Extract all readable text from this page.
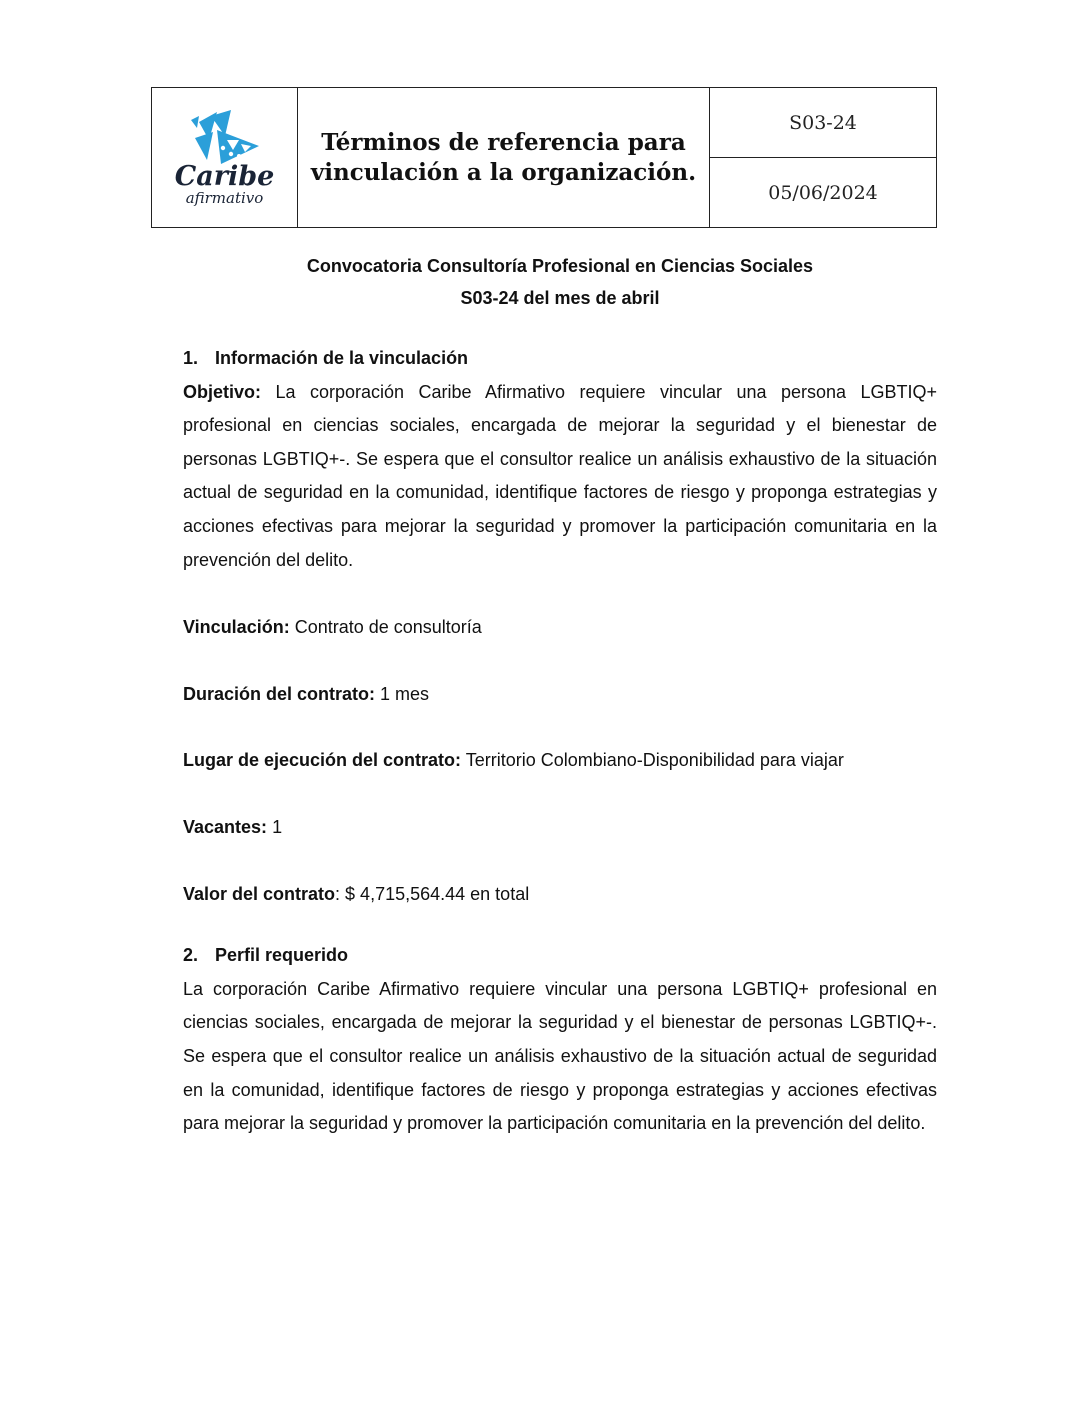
Caribe
afirmativo
Términos de referencia para vinculación a la organización.
S03-24
05/06/2024
Convocatoria Consultoría Profesional en Ciencias Sociales
S03-24 del mes de abril
1. Información de la vinculación
Objetivo: La corporación Caribe Afirmativo requiere vincular una persona LGBTIQ+ profesional en ciencias sociales, encargada de mejorar la seguridad y el bienestar de personas LGBTIQ+-. Se espera que el consultor realice un análisis exhaustivo de la situación actual de seguridad en la comunidad, identifique factores de riesgo y proponga estrategias y acciones efectivas para mejorar la seguridad y promover la participación comunitaria en la prevención del delito.
Vinculación: Contrato de consultoría
Duración del contrato: 1 mes
Lugar de ejecución del contrato: Territorio Colombiano-Disponibilidad para viajar
Vacantes: 1
Valor del contrato: $ 4,715,564.44 en total
2. Perfil requerido
La corporación Caribe Afirmativo requiere vincular una persona LGBTIQ+ profesional en ciencias sociales, encargada de mejorar la seguridad y el bienestar de personas LGBTIQ+-. Se espera que el consultor realice un análisis exhaustivo de la situación actual de seguridad en la comunidad, identifique factores de riesgo y proponga estrategias y acciones efectivas para mejorar la seguridad y promover la participación comunitaria en la prevención del delito.
